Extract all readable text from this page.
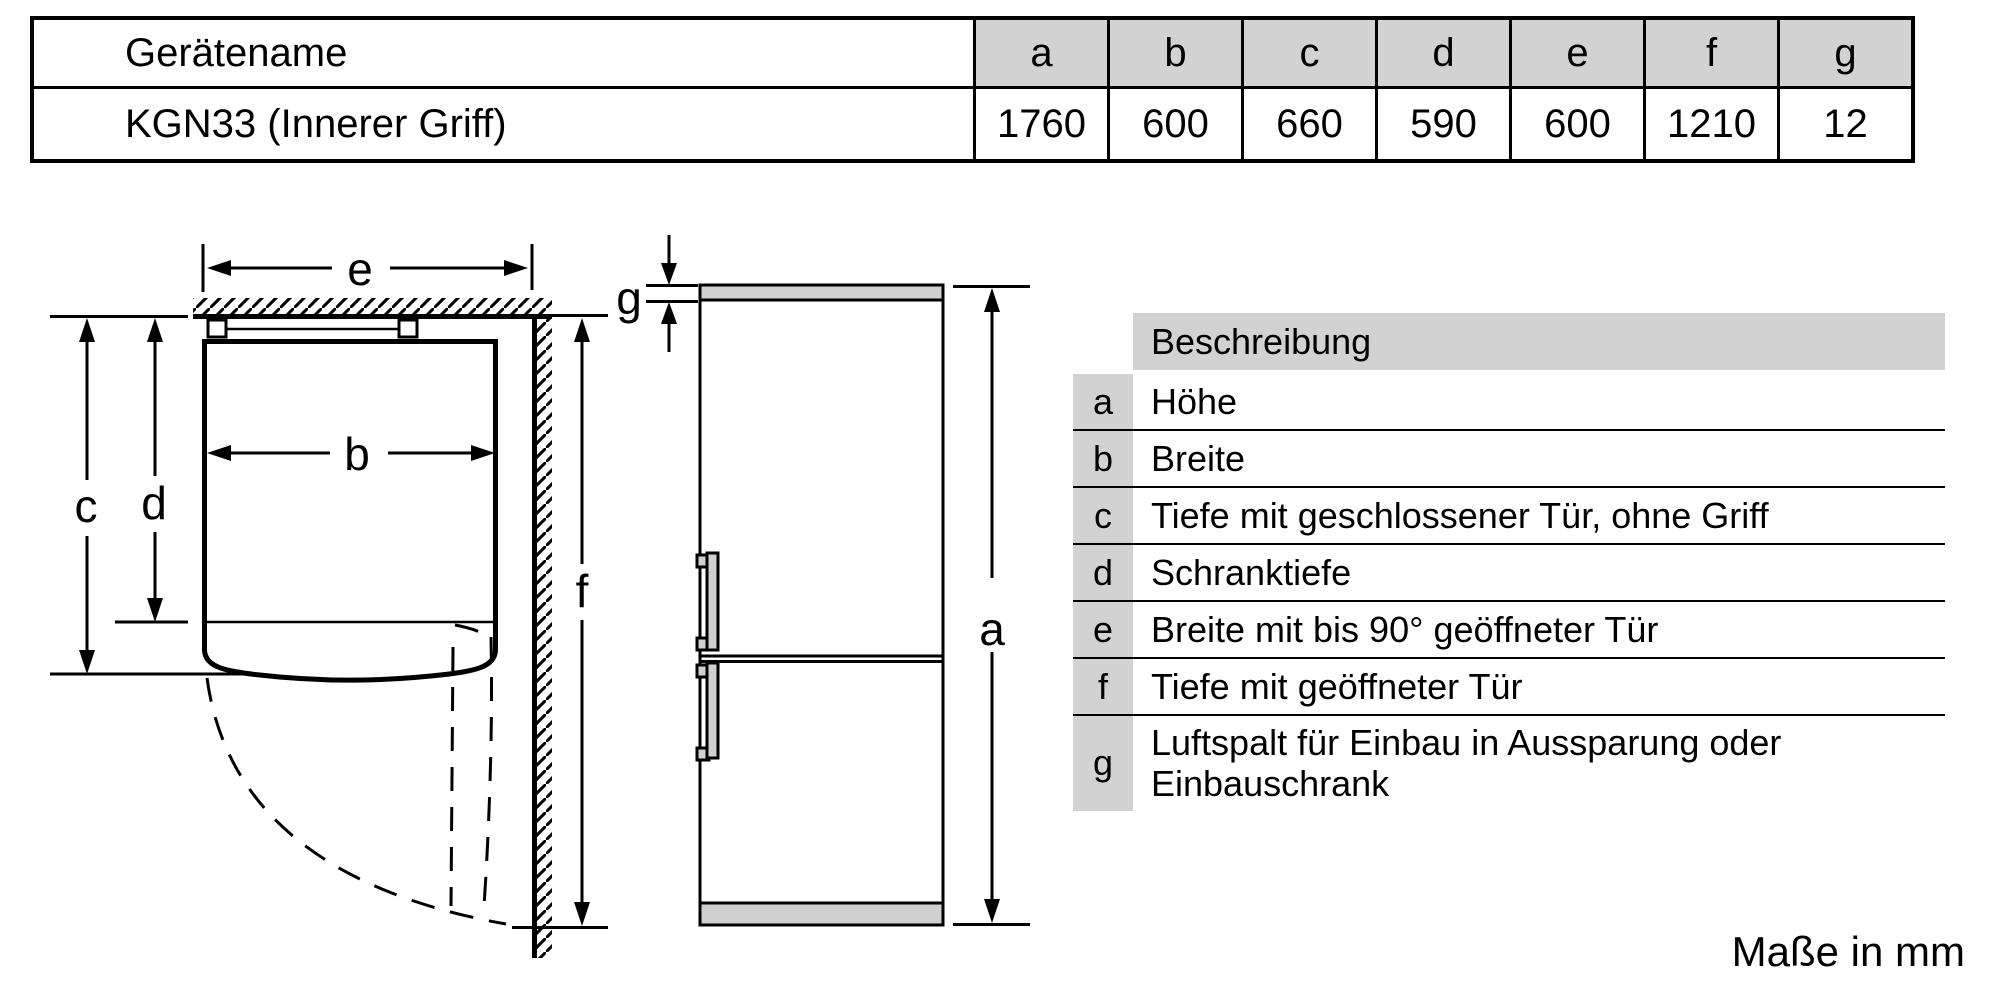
e
c d
b
f
g
a
Gerätename	a	b	c	d	e	f	g
KGN33 (Innerer Griff)	1760	600	660	590	600	1210	12
Beschreibung
a	Höhe
b	Breite
c	Tiefe mit geschlossener Tür, ohne Griff
d	Schranktiefe
e	Breite mit bis 90° geöffneter Tür
f	Tiefe mit geöffneter Tür
g	Luftspalt für Einbau in Aussparung oder Einbauschrank
Maße in mm
